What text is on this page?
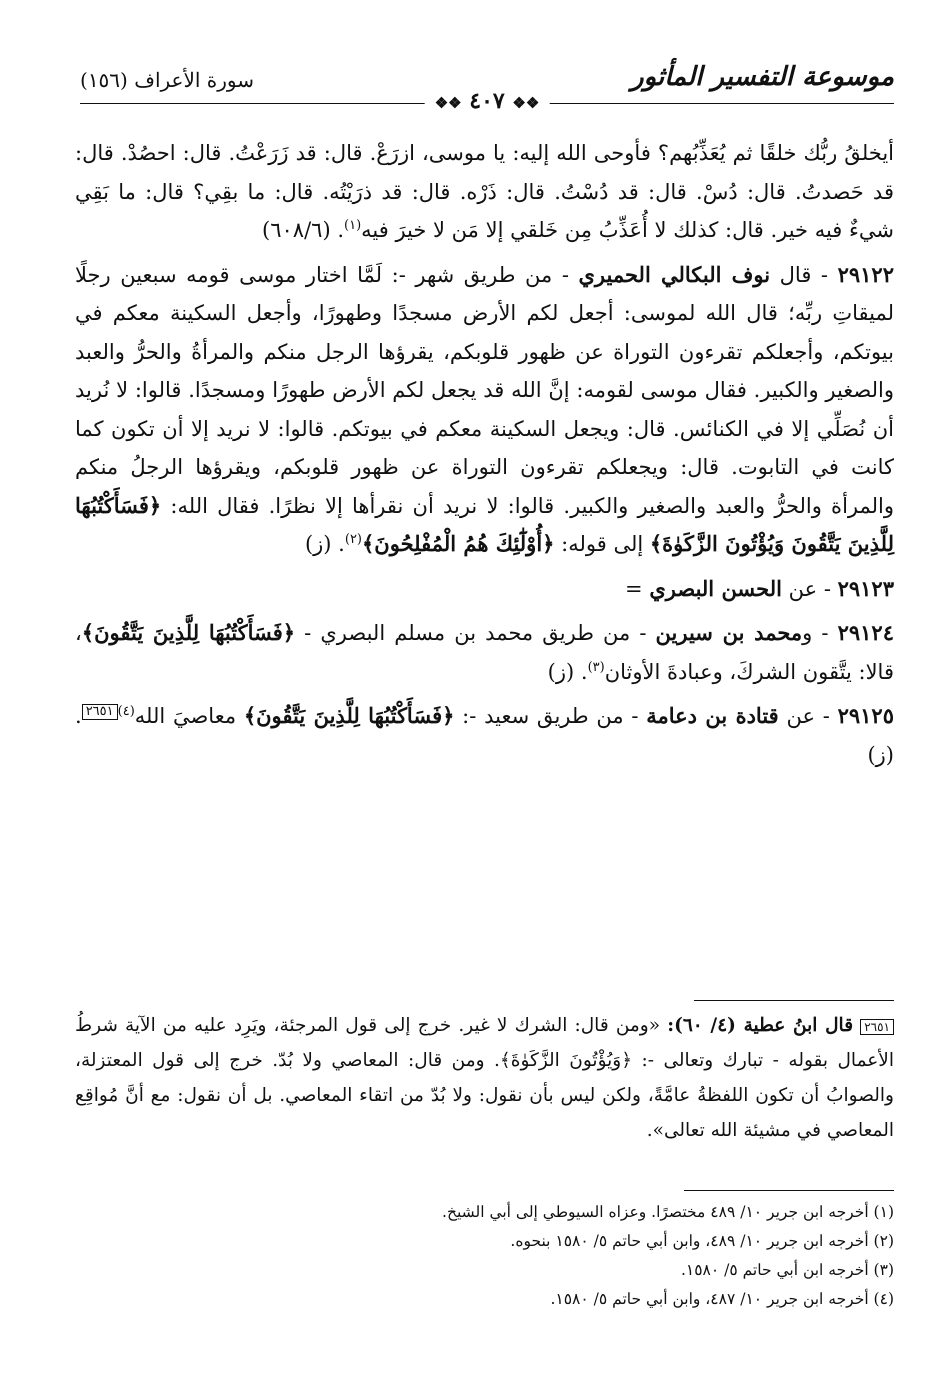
موسوعة التفسير المأثور
سورة الأعراف (١٥٦)
❖❖ ٤٠٧ ❖❖

أيخلقُ ربُّك خلقًا ثم يُعَذِّبُهم؟ فأوحى الله إليه: يا موسى، ازرَعْ. قال: قد زَرَعْتُ. قال: احصُدْ. قال: قد حَصدتُ. قال: دُسْ. قال: قد دُسْتُ. قال: ذَرْه. قال: قد ذرَيْتُه. قال: ما بقِي؟ قال: ما بَقِي شيءٌ فيه خير. قال: كذلك لا أُعَذِّبُ مِن خَلقي إلا مَن لا خيرَ فيه$^{(١)}$. (٦٠٨/٦)

٢٩١٢٢ - قال نوف البكالي الحميري - من طريق شهر -: لَمَّا اختار موسى قومه سبعين رجلًا لميقاتِ ربِّه؛ قال الله لموسى: أجعل لكم الأرض مسجدًا وطهورًا، وأجعل السكينة معكم في بيوتكم، وأجعلكم تقرءون التوراة عن ظهور قلوبكم، يقرؤها الرجل منكم والمرأةُ والحرُّ والعبد والصغير والكبير. فقال موسى لقومه: إنَّ الله قد يجعل لكم الأرض طهورًا ومسجدًا. قالوا: لا نُريد أن نُصَلِّي إلا في الكنائس. قال: ويجعل السكينة معكم في بيوتكم. قالوا: لا نريد إلا أن تكون كما كانت في التابوت. قال: ويجعلكم تقرءون التوراة عن ظهور قلوبكم، ويقرؤها الرجلُ منكم والمرأة والحرُّ والعبد والصغير والكبير. قالوا: لا نريد أن نقرأها إلا نظرًا. فقال الله: ﴿فَسَأَكْتُبُهَا لِلَّذِينَ يَتَّقُونَ وَيُؤْتُونَ الزَّكَوٰةَ﴾ إلى قوله: ﴿أُوْلَٰٓئِكَ هُمُ الْمُفْلِحُونَ﴾$^{(٢)}$. (ز)

٢٩١٢٣ - عن الحسن البصري =

٢٩١٢٤ - ومحمد بن سيرين - من طريق محمد بن مسلم البصري - ﴿فَسَأَكْتُبُهَا لِلَّذِينَ يَتَّقُونَ﴾، قالا: يتَّقون الشركَ، وعبادةَ الأوثان$^{(٣)}$. (ز)

٢٩١٢٥ - عن قتادة بن دعامة - من طريق سعيد -: ﴿فَسَأَكْتُبُهَا لِلَّذِينَ يَتَّقُونَ﴾ معاصيَ الله$^{(٤)}$٢٦٥١. (ز)

٢٦٥١ قال ابنُ عطية (٤/ ٦٠): «ومن قال: الشرك لا غير. خرج إلى قول المرجئة، ويَرِد عليه من الآية شرطُ الأعمال بقوله - تبارك وتعالى -: ﴿وَيُؤْتُونَ الزَّكَوٰةَ﴾. ومن قال: المعاصي ولا بُدّ. خرج إلى قول المعتزلة، والصوابُ أن تكون اللفظةُ عامَّةً، ولكن ليس بأن نقول: ولا بُدّ من اتقاء المعاصي. بل أن نقول: مع أنَّ مُواقِع المعاصي في مشيئة الله تعالى».
(١) أخرجه ابن جرير ١٠/ ٤٨٩ مختصرًا. وعزاه السيوطي إلى أبي الشيخ.
(٢) أخرجه ابن جرير ١٠/ ٤٨٩، وابن أبي حاتم ٥/ ١٥٨٠ بنحوه.
(٣) أخرجه ابن أبي حاتم ٥/ ١٥٨٠.
(٤) أخرجه ابن جرير ١٠/ ٤٨٧، وابن أبي حاتم ٥/ ١٥٨٠.
